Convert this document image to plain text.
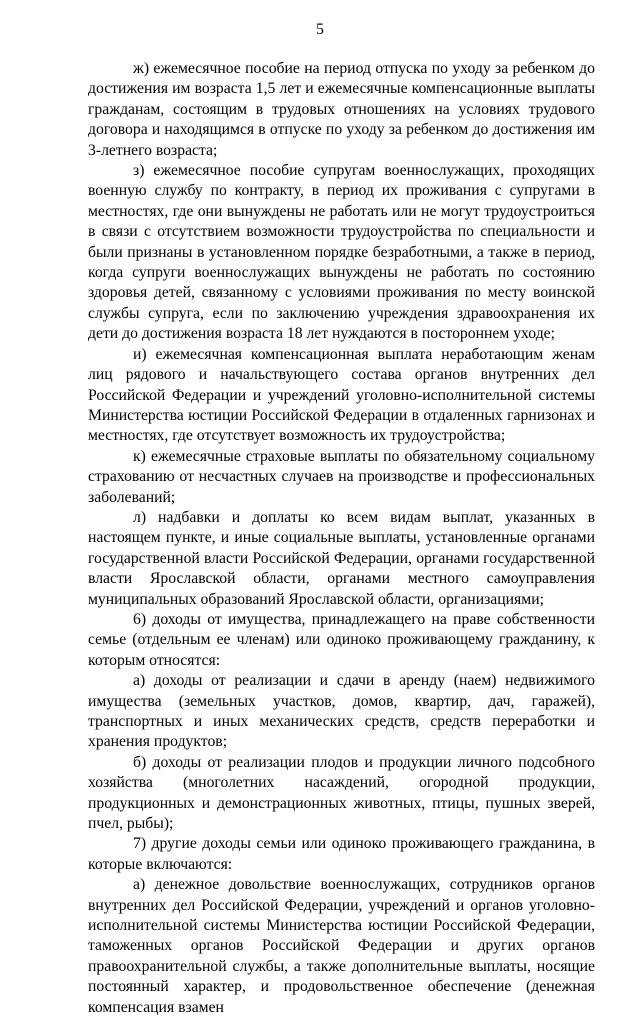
5

ж) ежемесячное пособие на период отпуска по уходу за ребенком до достижения им возраста 1,5 лет и ежемесячные компенсационные выплаты гражданам, состоящим в трудовых отношениях на условиях трудового договора и находящимся в отпуске по уходу за ребенком до достижения им 3-летнего возраста;

з) ежемесячное пособие супругам военнослужащих, проходящих военную службу по контракту, в период их проживания с супругами в местностях, где они вынуждены не работать или не могут трудоустроиться в связи с отсутствием возможности трудоустройства по специальности и были признаны в установленном порядке безработными, а также в период, когда супруги военнослужащих вынуждены не работать по состоянию здоровья детей, связанному с условиями проживания по месту воинской службы супруга, если по заключению учреждения здравоохранения их дети до достижения возраста 18 лет нуждаются в постороннем уходе;

и) ежемесячная компенсационная выплата неработающим женам лиц рядового и начальствующего состава органов внутренних дел Российской Федерации и учреждений уголовно-исполнительной системы Министерства юстиции Российской Федерации в отдаленных гарнизонах и местностях, где отсутствует возможность их трудоустройства;

к) ежемесячные страховые выплаты по обязательному социальному страхованию от несчастных случаев на производстве и профессиональных заболеваний;

л) надбавки и доплаты ко всем видам выплат, указанных в настоящем пункте, и иные социальные выплаты, установленные органами государственной власти Российской Федерации, органами государственной власти Ярославской области, органами местного самоуправления муниципальных образований Ярославской области, организациями;

6) доходы от имущества, принадлежащего на праве собственности семье (отдельным ее членам) или одиноко проживающему гражданину, к которым относятся:

а) доходы от реализации и сдачи в аренду (наем) недвижимого имущества (земельных участков, домов, квартир, дач, гаражей), транспортных и иных механических средств, средств переработки и хранения продуктов;

б) доходы от реализации плодов и продукции личного подсобного хозяйства (многолетних насаждений, огородной продукции, продукционных и демонстрационных животных, птицы, пушных зверей, пчел, рыбы);

7) другие доходы семьи или одиноко проживающего гражданина, в которые включаются:

а) денежное довольствие военнослужащих, сотрудников органов внутренних дел Российской Федерации, учреждений и органов уголовно-исполнительной системы Министерства юстиции Российской Федерации, таможенных органов Российской Федерации и других органов правоохранительной службы, а также дополнительные выплаты, носящие постоянный характер, и продовольственное обеспечение (денежная компенсация взамен
